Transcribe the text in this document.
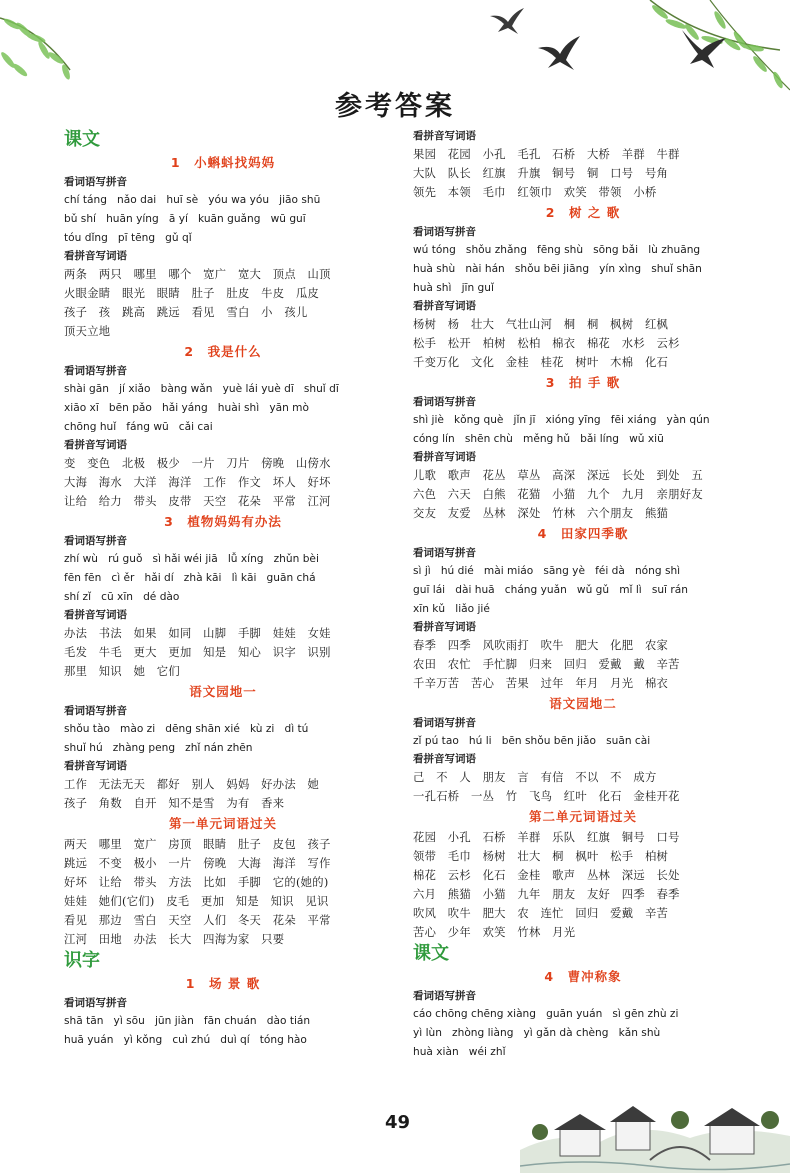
参考答案
课文
1　小蝌蚪找妈妈
看词语写拼音
chí táng   nǎo dai   huī sè   yóu wa yóu   jiāo shū
bǔ shí   huān yíng   ā yí   kuān guǎng   wū guī
tóu dǐng   pī tēng   gǔ qǐ
看拼音写词语
两条　两只　哪里　哪个　宽广　宽大　顶点　山顶
火眼金睛　眼光　眼睛　肚子　肚皮　牛皮　瓜皮
孩子　孩　跳高　跳远　看见　雪白　小　孩儿
顶天立地
2　我是什么
看词语写拼音
shài gān   jí xiǎo   bàng wǎn   yuè lái yuè dī   shuǐ dī
xiāo xī   bēn pǎo   hǎi yáng   huài shì   yān mò
chōng huǐ   fáng wū   cǎi cai
看拼音写词语
变　变色　北极　极少　一片　刀片　傍晚　山傍水
大海　海水　大洋　海洋　工作　作文　坏人　好坏
让给　给力　带头　皮带　天空　花朵　平常　江河
3　植物妈妈有办法
看词语写拼音
zhí wù   rú guǒ   sì hǎi wéi jiā   lǚ xíng   zhǔn bèi
fēn fēn   cì ěr   hǎi dí   zhà kāi   lì kāi   guān chá
shí zǐ   cū xīn   dé dào
看拼音写词语
办法　书法　如果　如同　山脚　手脚　娃娃　女娃
毛发　牛毛　更大　更加　知是　知心　识字　识别
那里　知识　她　它们
语文园地一
看词语写拼音
shǒu tào   mào zi   dēng shān xié   kù zi   dì tú
shuǐ hú   zhàng peng   zhǐ nán zhēn
看拼音写词语
工作　无法无天　都好　别人　妈妈　好办法　她
孩子　角数　自开　知不是雪　为有　香来
第一单元词语过关
两天　哪里　宽广　房顶　眼睛　肚子　皮包　孩子
跳远　不变　极小　一片　傍晚　大海　海洋　写作
好坏　让给　带头　方法　比如　手脚　它的(她的)
娃娃　她们(它们)　皮毛　更加　知是　知识　见识
看见　那边　雪白　天空　人们　冬天　花朵　平常
江河　田地　办法　长大　四海为家　只要
识字
1　场 景 歌
看词语写拼音
shā tān   yì sōu   jūn jiàn   fān chuán   dào tián
huā yuán   yì kǒng   cuì zhú   duì qí   tóng hào
看拼音写词语
果园　花园　小孔　毛孔　石桥　大桥　羊群　牛群
大队　队长　红旗　升旗　铜号　铜　口号　号角
领先　本领　毛巾　红领巾　欢笑　带领　小桥
2　树 之 歌
看词语写拼音
wú tóng   shǒu zhǎng   fēng shù   sōng bǎi   lù zhuāng
huà shù   nài hán   shǒu bēi jiāng   yín xìng   shuǐ shān
huà shì   jīn guǐ
看拼音写词语
杨树　杨　壮大　气壮山河　桐　桐　枫树　红枫
松手　松开　柏树　松柏　棉衣　棉花　水杉　云杉
千变万化　文化　金桂　桂花　树叶　木棉　化石
3　拍 手 歌
看词语写拼音
shì jiè   kǒng què   jǐn jī   xióng yīng   fēi xiáng   yàn qún
cóng lín   shēn chù   měng hǔ   bǎi líng   wǔ xiū
看拼音写词语
儿歌　歌声　花丛　草丛　高深　深远　长处　到处　五
六色　六天　白熊　花猫　小猫　九个　九月　亲朋好友
交友　友爱　丛林　深处　竹林　六个朋友　熊猫
4　田家四季歌
看词语写拼音
sì jì   hú dié   mài miáo   sāng yè   féi dà   nóng shì
guī lái   dài huā   cháng yuǎn   wǔ gǔ   mǐ lì   suī rán
xīn kǔ   liǎo jié
看拼音写词语
春季　四季　风吹雨打　吹牛　肥大　化肥　农家
农田　农忙　手忙脚　归来　回归　爱戴　戴　辛苦
千辛万苦　苦心　苦果　过年　年月　月光　棉衣
语文园地二
看词语写拼音
zǐ pú tao   hú li   bēn shǒu bēn jiǎo   suān cài
看拼音写词语
己　不　人　朋友　言　有信　不以　不　成方
一孔石桥　一丛　竹　飞鸟　红叶　化石　金桂开花
第二单元词语过关
花园　小孔　石桥　羊群　乐队　红旗　铜号　口号
领带　毛巾　杨树　壮大　桐　枫叶　松手　柏树
棉花　云杉　化石　金桂　歌声　丛林　深远　长处
六月　熊猫　小猫　九年　朋友　友好　四季　春季
吹风　吹牛　肥大　农　连忙　回归　爱戴　辛苦
苦心　少年　欢笑　竹林　月光
课文
4　曹冲称象
看词语写拼音
cáo chōng chēng xiàng   guān yuán   sì gēn zhù zi
yì lùn   zhòng liàng   yì gǎn dà chèng   kǎn shù
huà xiàn   wéi zhǐ
49
